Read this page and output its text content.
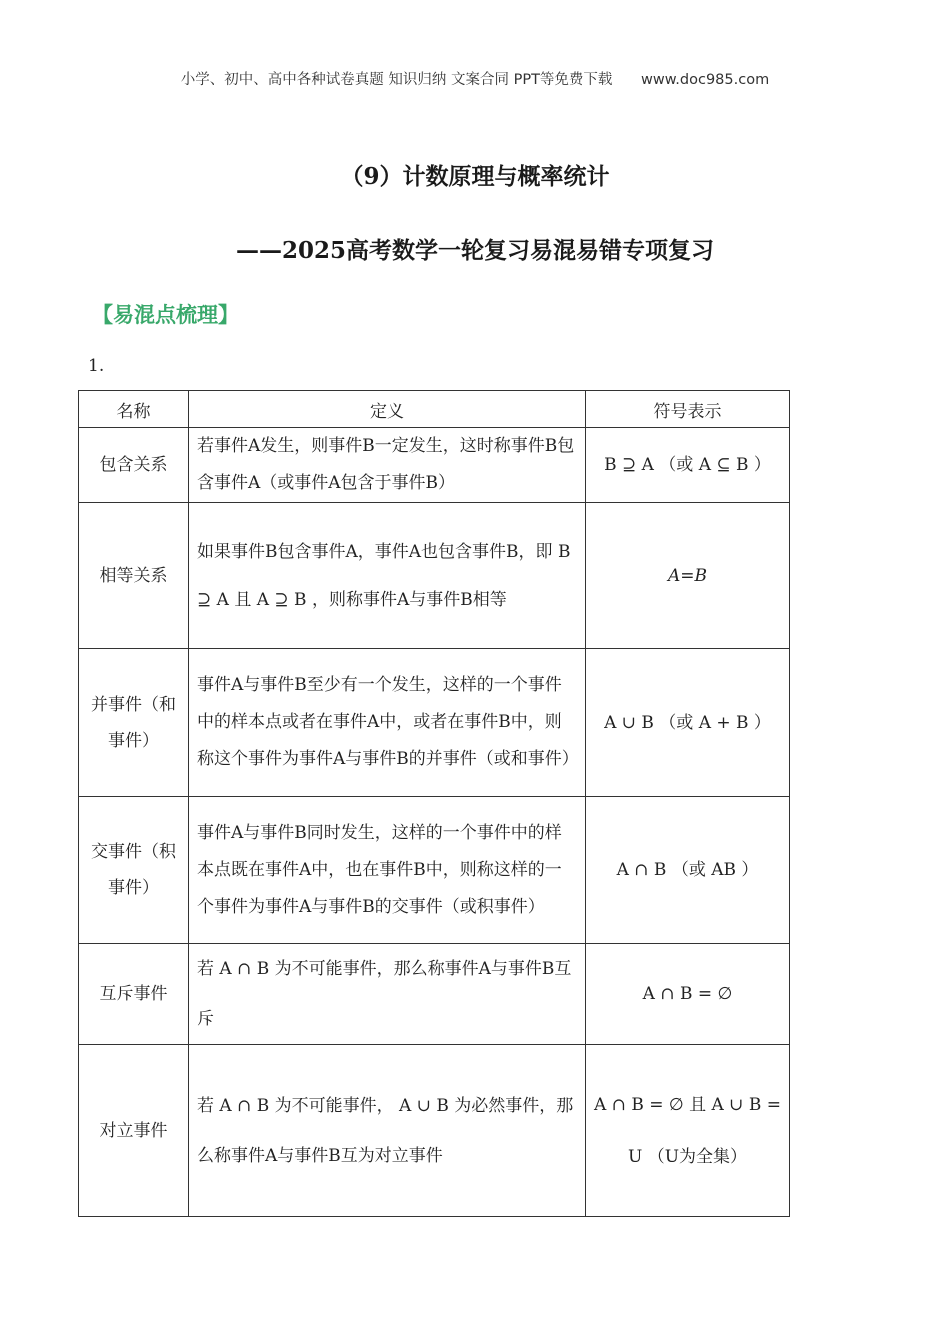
小学、初中、高中各种试卷真题 知识归纳 文案合同 PPT等免费下载 www.doc985.com
（9）计数原理与概率统计
——2025高考数学一轮复习易混易错专项复习
【易混点梳理】
1.
名称	定义	符号表示
包含关系	若事件A发生，则事件B一定发生，这时称事件B包含事件A（或事件A包含于事件B）	B ⊇ A （或 A ⊆ B ）
相等关系	如果事件B包含事件A，事件A也包含事件B，即 B ⊇ A 且 A ⊇ B ，则称事件A与事件B相等	A=B
并事件（和事件）	事件A与事件B至少有一个发生，这样的一个事件中的样本点或者在事件A中，或者在事件B中，则称这个事件为事件A与事件B的并事件（或和事件）	A ∪ B （或 A + B ）
交事件（积事件）	事件A与事件B同时发生，这样的一个事件中的样本点既在事件A中，也在事件B中，则称这样的一个事件为事件A与事件B的交事件（或积事件）	A ∩ B （或 AB ）
互斥事件	若 A ∩ B 为不可能事件，那么称事件A与事件B互斥	A ∩ B = ∅
对立事件	若 A ∩ B 为不可能事件， A ∪ B 为必然事件，那么称事件A与事件B互为对立事件	A ∩ B = ∅ 且 A ∪ B = U （U为全集）
